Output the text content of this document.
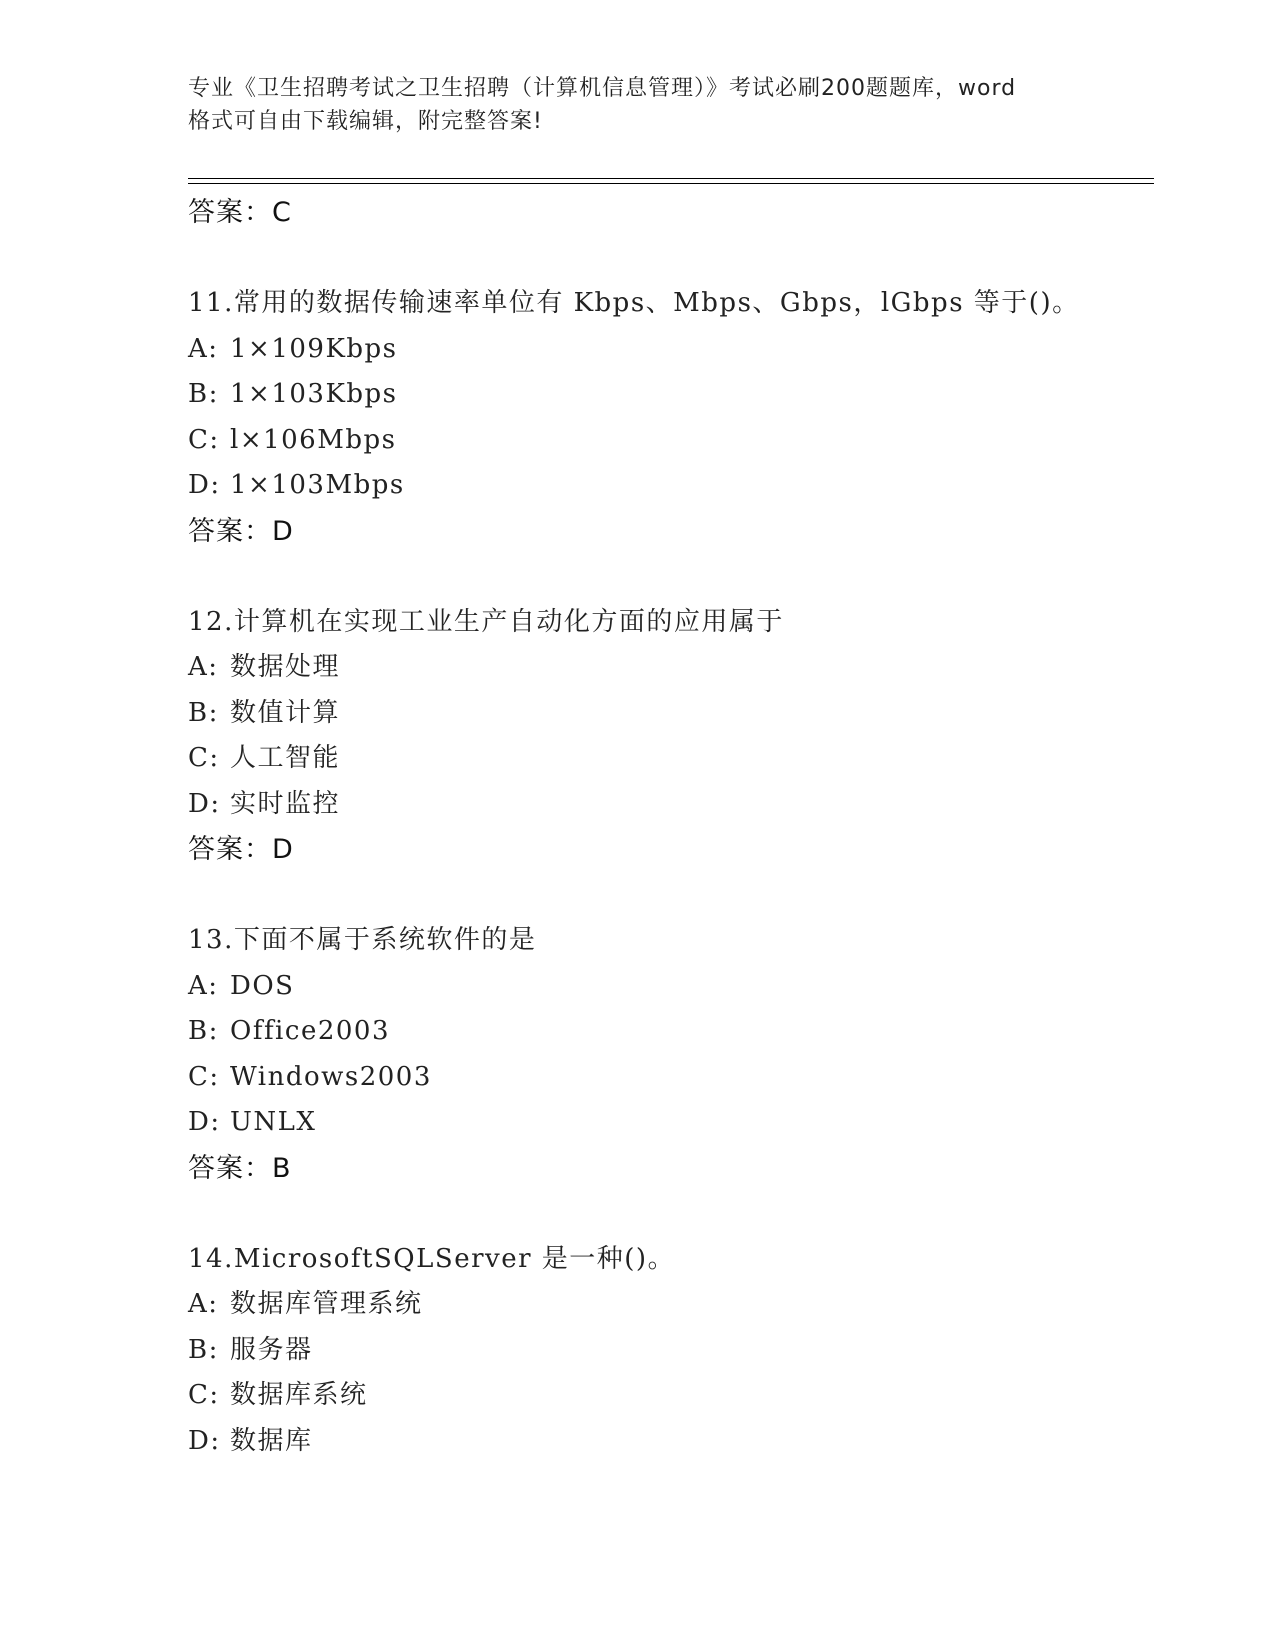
专业《卫生招聘考试之卫生招聘（计算机信息管理）》考试必刷200题题库，word
格式可自由下载编辑，附完整答案!
答案：C
11.常用的数据传输速率单位有 Kbps、Mbps、Gbps，lGbps 等于()。
A: 1×109Kbps
B: 1×103Kbps
C: l×106Mbps
D: 1×103Mbps
答案：D
12.计算机在实现工业生产自动化方面的应用属于
A: 数据处理
B: 数值计算
C: 人工智能
D: 实时监控
答案：D
13.下面不属于系统软件的是
A: DOS
B: Office2003
C: Windows2003
D: UNLX
答案：B
14.MicrosoftSQLServer 是一种()。
A: 数据库管理系统
B: 服务器
C: 数据库系统
D: 数据库
